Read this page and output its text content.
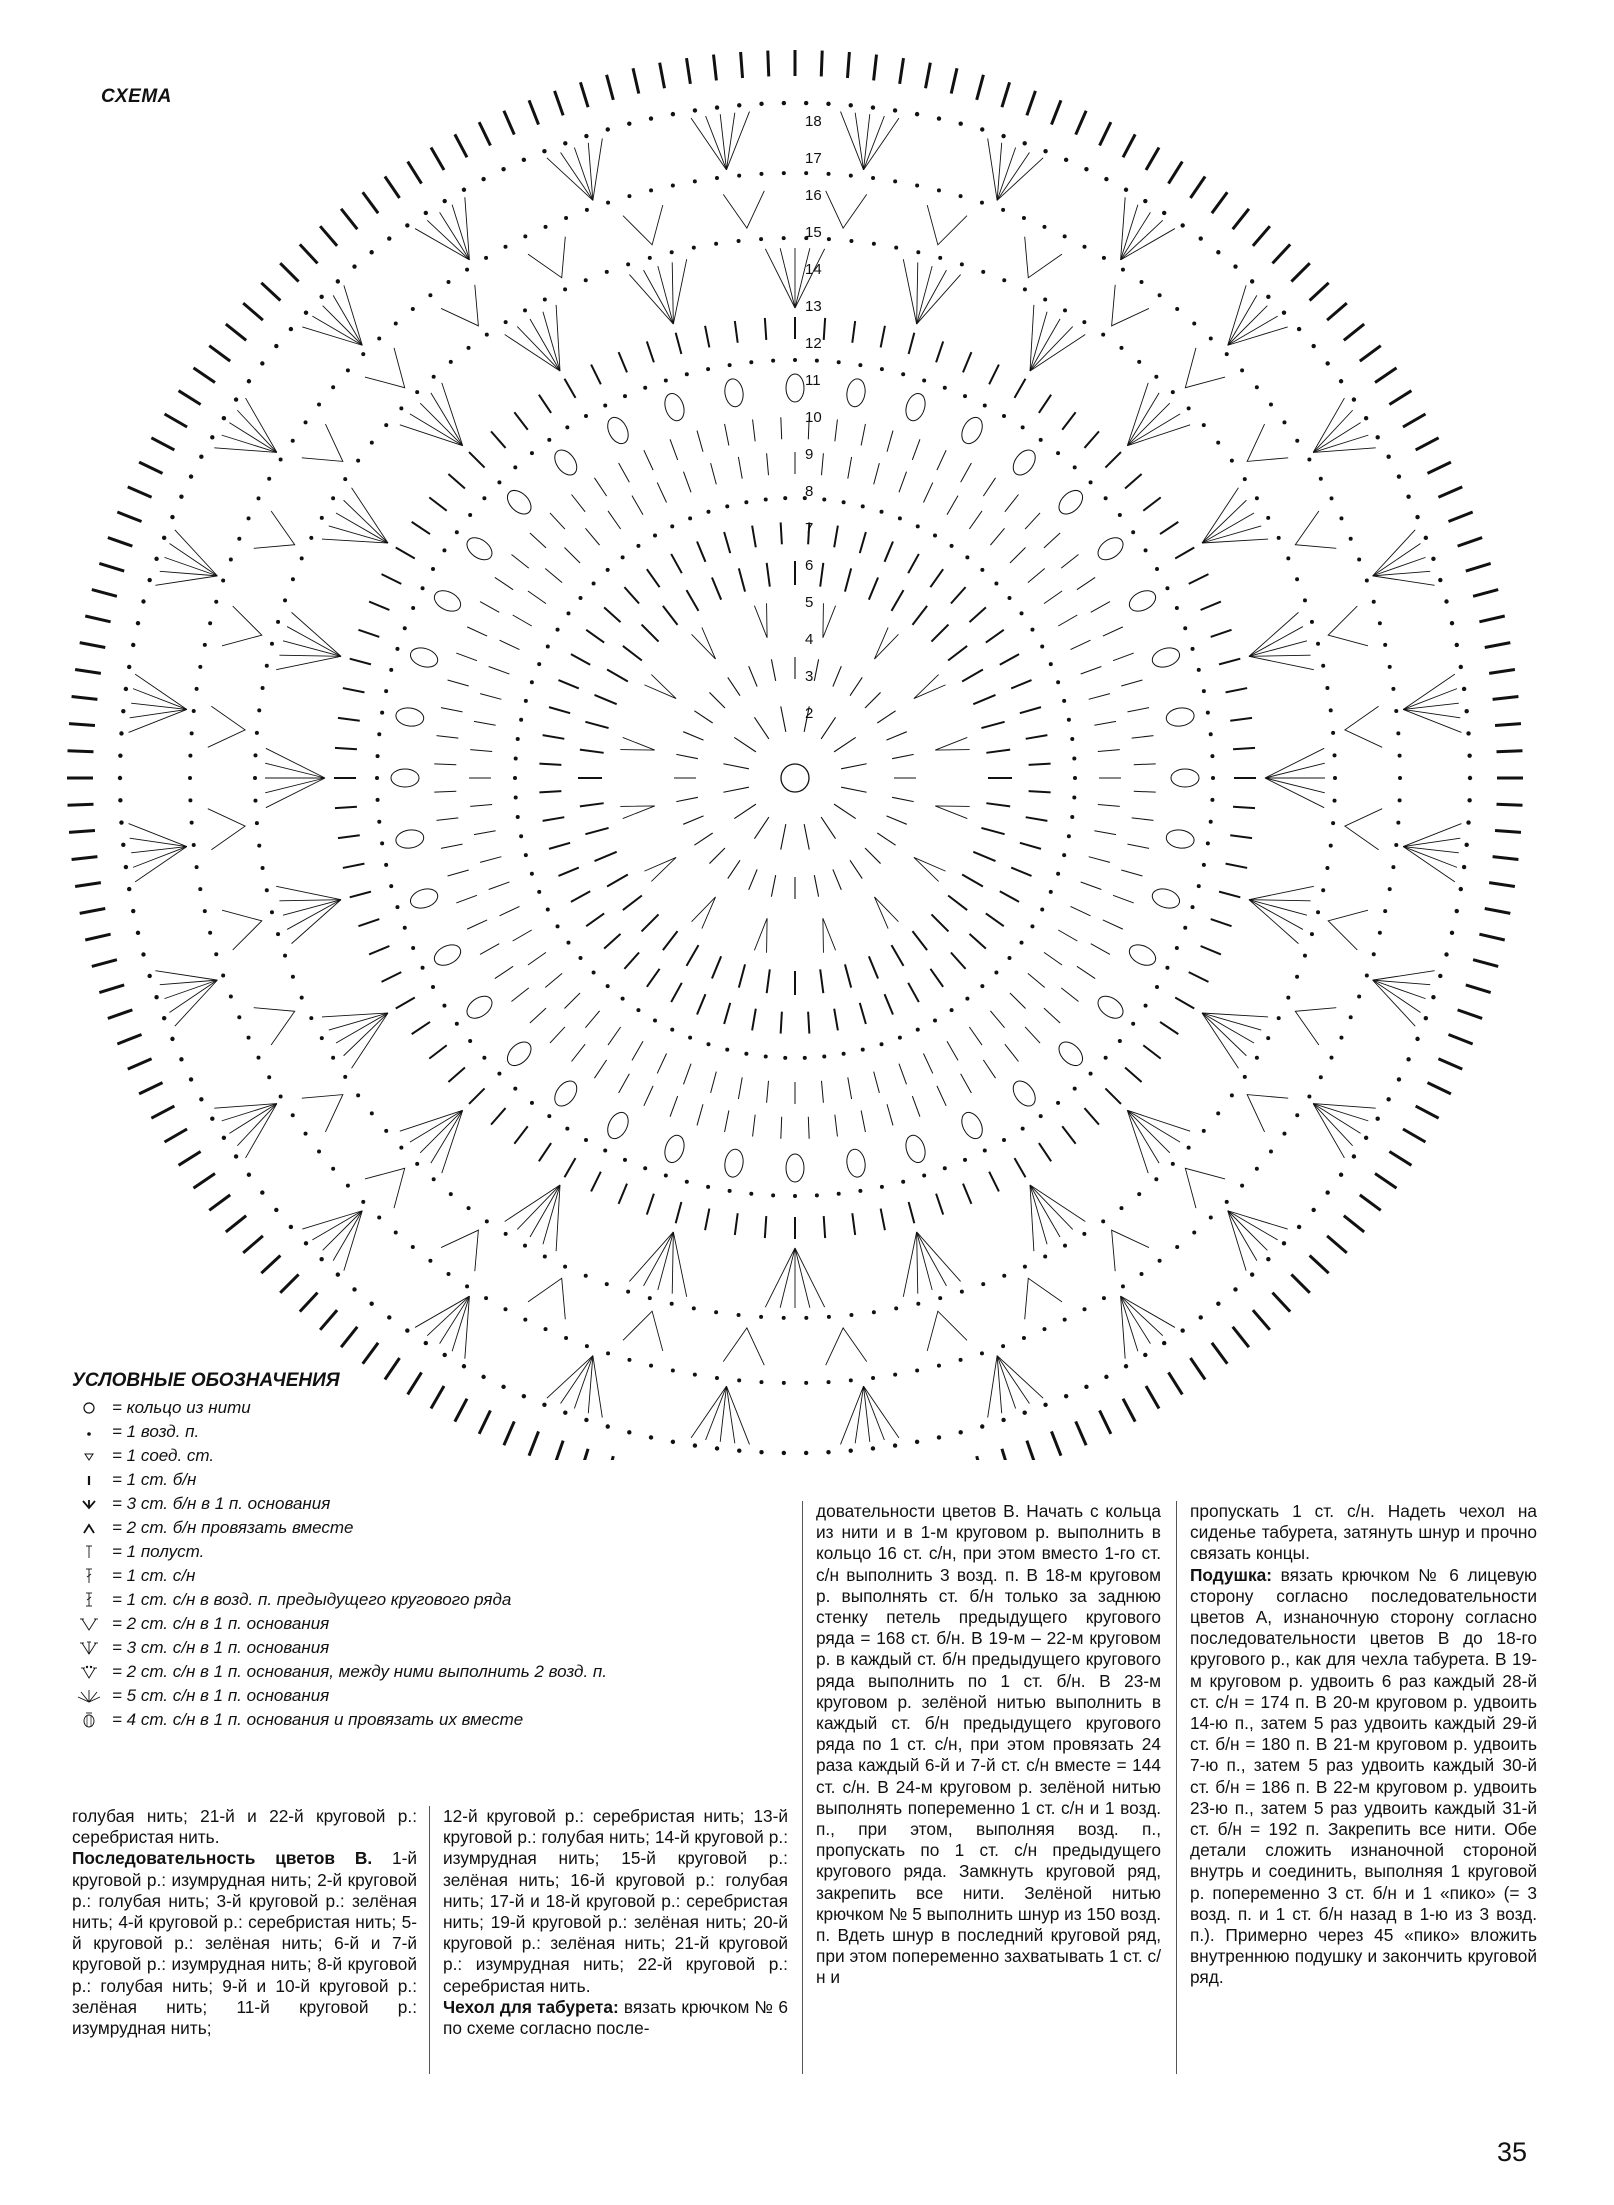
СХЕМА
2
3
4
5
6
7
8
9
10
11
12
13
14
15
16
17
18
УСЛОВНЫЕ ОБОЗНАЧЕНИЯ
= кольцо из нити
= 1 возд. п.
= 1 соед. ст.
= 1 ст. б/н
= 3 ст. б/н в 1 п. основания
= 2 ст. б/н провязать вместе
= 1 полуст.
= 1 ст. с/н
= 1 ст. с/н в возд. п. предыдущего кругового ряда
= 2 ст. с/н в 1 п. основания
= 3 ст. с/н в 1 п. основания
= 2 ст. с/н в 1 п. основания, между ними выполнить 2 возд. п.
= 5 ст. с/н в 1 п. основания
= 4 ст. с/н в 1 п. основания и провязать их вместе

голубая нить; 21-й и 22-й круговой р.: серебристая нить.

Последовательность цветов В. 1-й круговой р.: изумрудная нить; 2-й круговой р.: голубая нить; 3-й круговой р.: зелёная нить; 4-й круговой р.: серебристая нить; 5-й круговой р.: зелёная нить; 6-й и 7-й круговой р.: изумрудная нить; 8-й круговой р.: голубая нить; 9-й и 10-й круговой р.: зелёная нить; 11-й круговой р.: изумрудная нить;

12-й круговой р.: серебристая нить; 13-й круговой р.: голубая нить; 14-й круговой р.: изумрудная нить; 15-й круговой р.: зелёная нить; 16-й круговой р.: голубая нить; 17-й и 18-й круговой р.: серебристая нить; 19-й круговой р.: зелёная нить; 20-й круговой р.: зелёная нить; 21-й круговой р.: изумрудная нить; 22-й круговой р.: серебристая нить.

Чехол для табурета: вязать крючком № 6 по схеме согласно после-

довательности цветов В. Начать с кольца из нити и в 1-м круговом р. выполнить в кольцо 16 ст. с/н, при этом вместо 1-го ст. с/н выполнить 3 возд. п. В 18-м круговом р. выполнять ст. б/н только за заднюю стенку петель предыдущего кругового ряда = 168 ст. б/н. В 19-м – 22-м круговом р. в каждый ст. б/н предыдущего кругового ряда выполнить по 1 ст. б/н. В 23-м круговом р. зелёной нитью выполнить в каждый ст. б/н предыдущего кругового ряда по 1 ст. с/н, при этом провязать 24 раза каждый 6-й и 7-й ст. с/н вместе = 144 ст. с/н. В 24-м круговом р. зелёной нитью выполнять попеременно 1 ст. с/н и 1 возд. п., при этом, выполняя возд. п., пропускать по 1 ст. с/н предыдущего кругового ряда. Замкнуть круговой ряд, закрепить все нити. Зелёной нитью крючком № 5 выполнить шнур из 150 возд. п. Вдеть шнур в последний круговой ряд, при этом попеременно захватывать 1 ст. с/н и

пропускать 1 ст. с/н. Надеть чехол на сиденье табурета, затянуть шнур и прочно связать концы.

Подушка: вязать крючком № 6 лицевую сторону согласно последовательности цветов А, изнаночную сторону согласно последовательности цветов В до 18-го кругового р., как для чехла табурета. В 19-м круговом р. удвоить 6 раз каждый 28-й ст. с/н = 174 п. В 20-м круговом р. удвоить 14-ю п., затем 5 раз удвоить каждый 29-й ст. б/н = 180 п. В 21-м круговом р. удвоить 7-ю п., затем 5 раз удвоить каждый 30-й ст. б/н = 186 п. В 22-м круговом р. удвоить 23-ю п., затем 5 раз удвоить каждый 31-й ст. б/н = 192 п. Закрепить все нити. Обе детали сложить изнаночной стороной внутрь и соединить, выполняя 1 круговой р. попеременно 3 ст. б/н и 1 «пико» (= 3 возд. п. и 1 ст. б/н назад в 1-ю из 3 возд. п.). Примерно через 45 «пико» вложить внутреннюю подушку и закончить круговой ряд.

35
